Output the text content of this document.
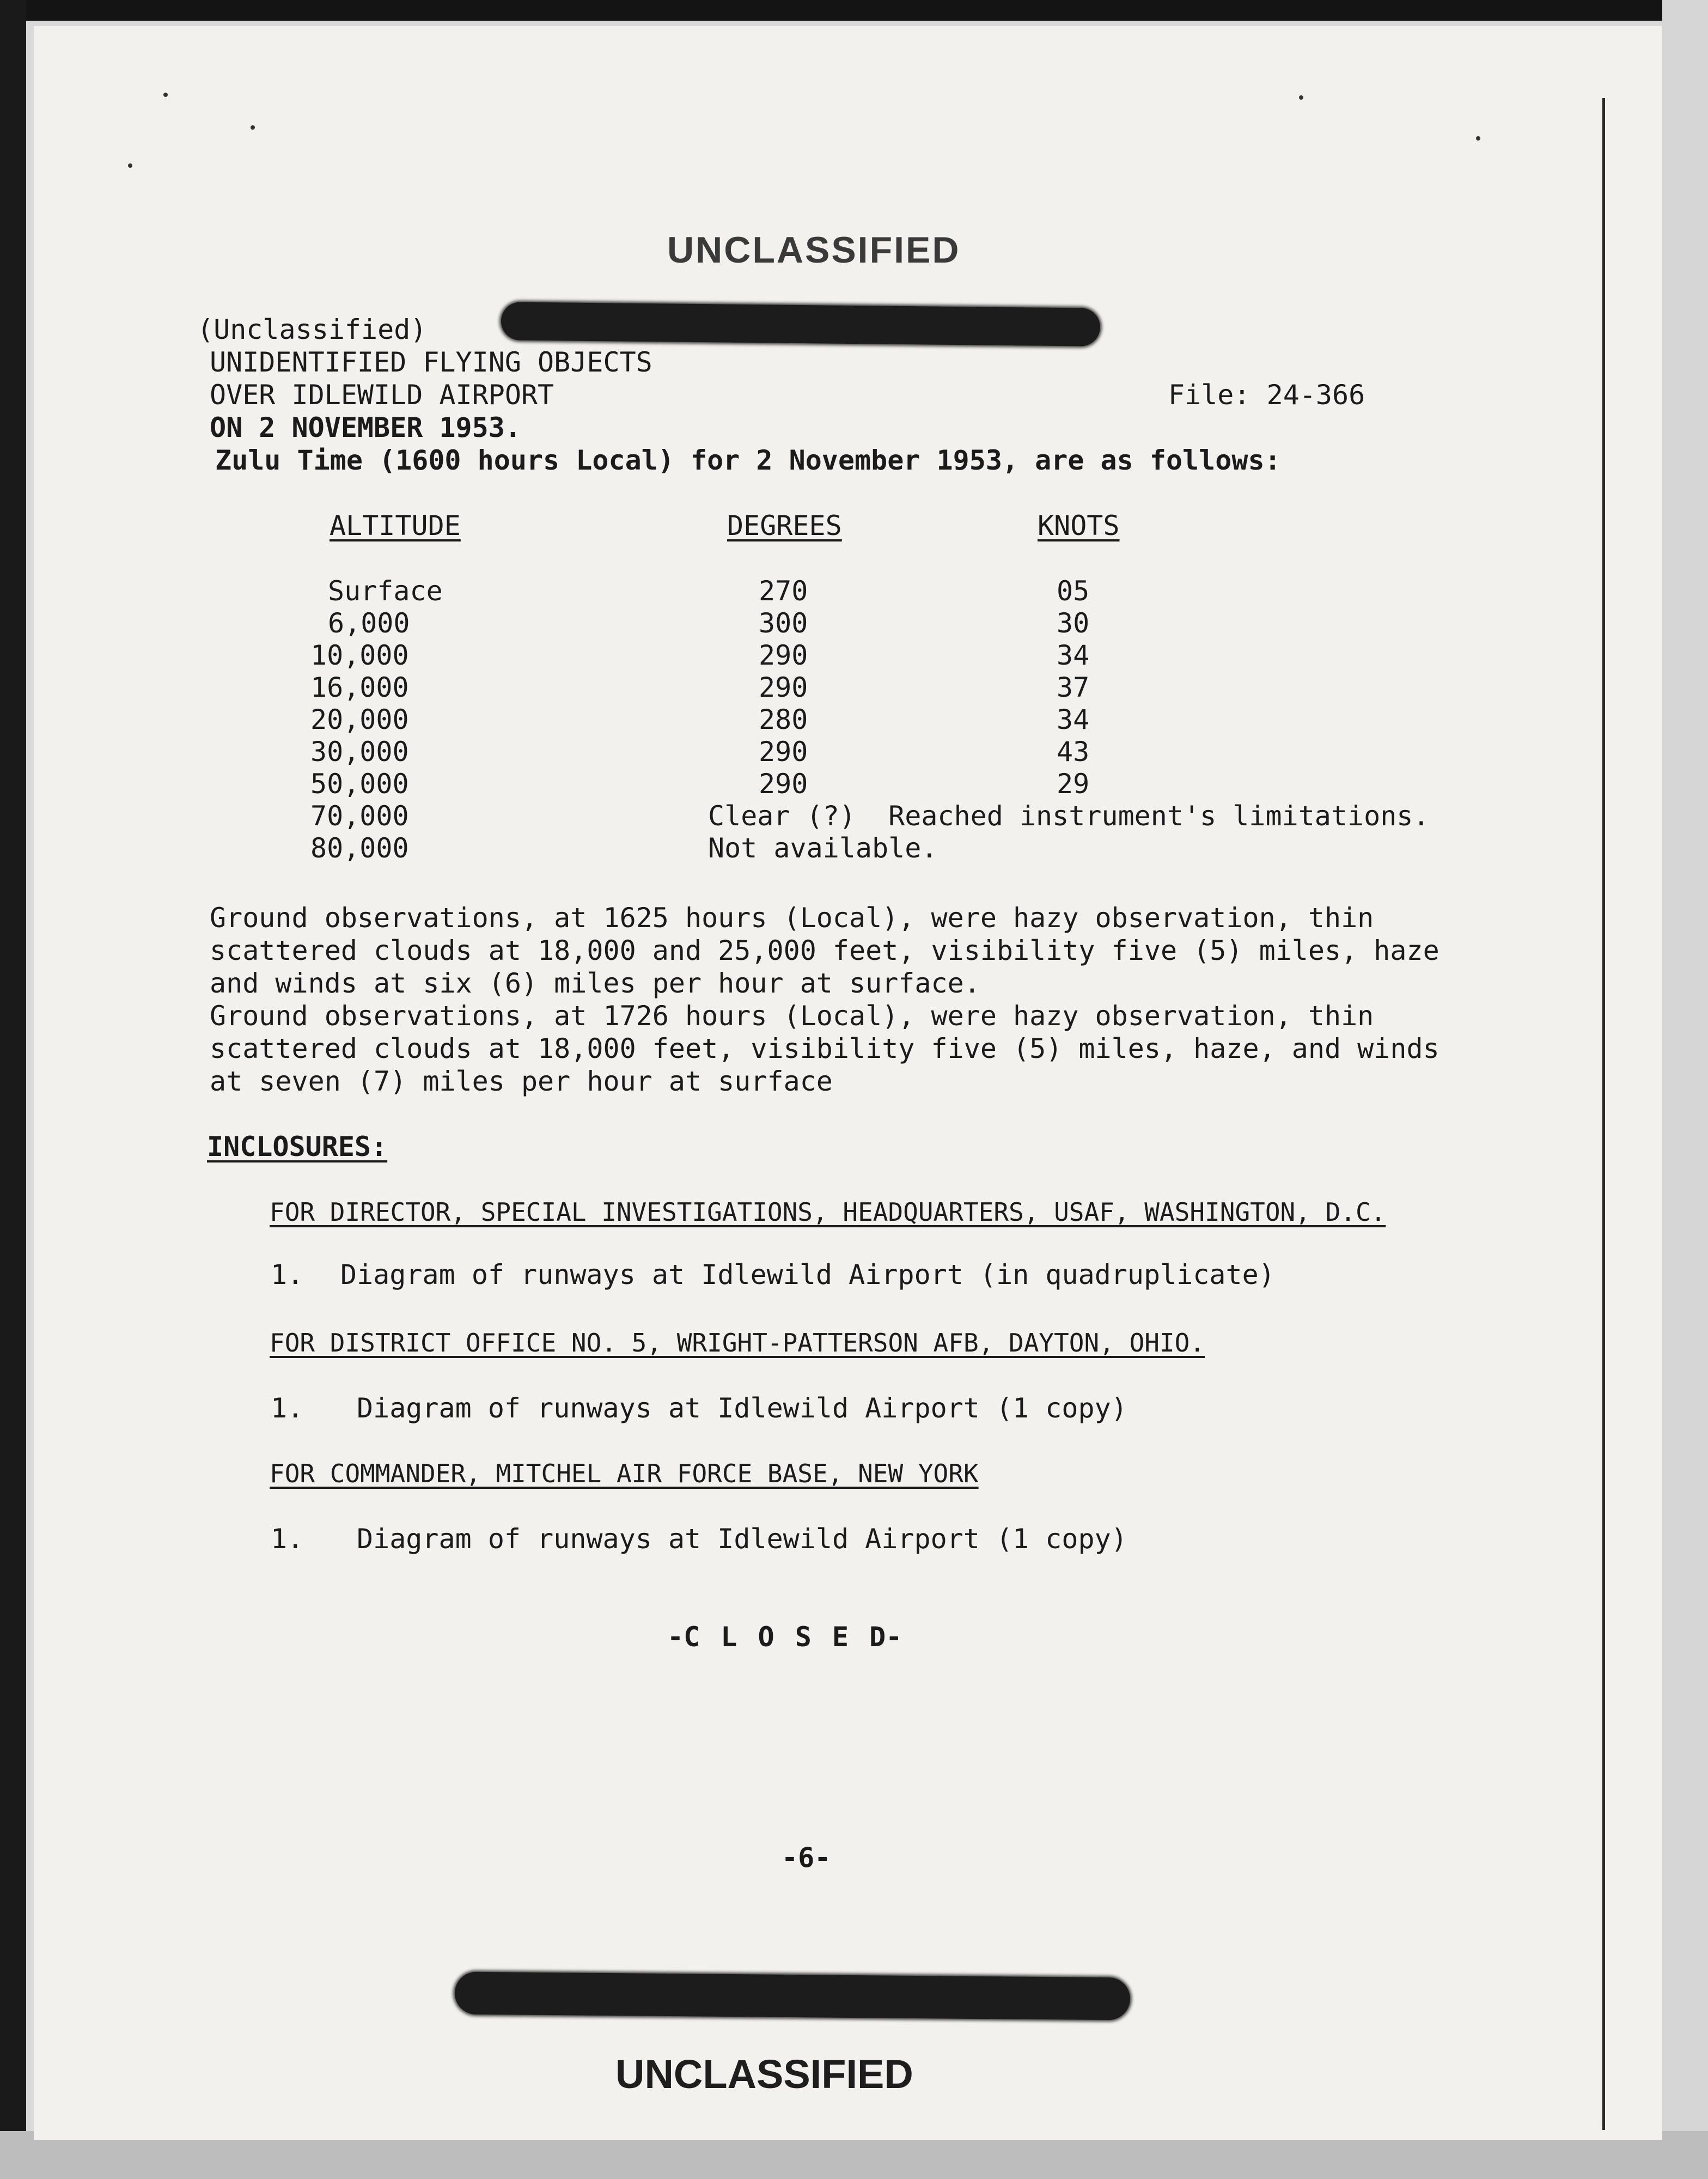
UNCLASSIFIED
(Unclassified)
UNIDENTIFIED FLYING OBJECTS
OVER IDLEWILD AIRPORT
ON 2 NOVEMBER 1953.
File: 24-366
Zulu Time (1600 hours Local) for 2 November 1953, are as follows:
ALTITUDE	DEGREES	KNOTS
Surface	270	05
6,000	300	30
10,000	290	34
16,000	290	37
20,000	280	34
30,000	290	43
50,000	290	29
70,000	Clear (?)  Reached instrument's limitations.
80,000	Not available.
Ground observations, at 1625 hours (Local), were hazy observation, thin
scattered clouds at 18,000 and 25,000 feet, visibility five (5) miles, haze
and winds at six (6) miles per hour at surface.
Ground observations, at 1726 hours (Local), were hazy observation, thin
scattered clouds at 18,000 feet, visibility five (5) miles, haze, and winds
at seven (7) miles per hour at surface
INCLOSURES:
FOR DIRECTOR, SPECIAL INVESTIGATIONS, HEADQUARTERS, USAF, WASHINGTON, D.C.
1. Diagram of runways at Idlewild Airport (in quadruplicate)
FOR DISTRICT OFFICE NO. 5, WRIGHT-PATTERSON AFB, DAYTON, OHIO.
1. Diagram of runways at Idlewild Airport (1 copy)
FOR COMMANDER, MITCHEL AIR FORCE BASE, NEW YORK
1. Diagram of runways at Idlewild Airport (1 copy)
-C L O S E D-
-6-
UNCLASSIFIED
